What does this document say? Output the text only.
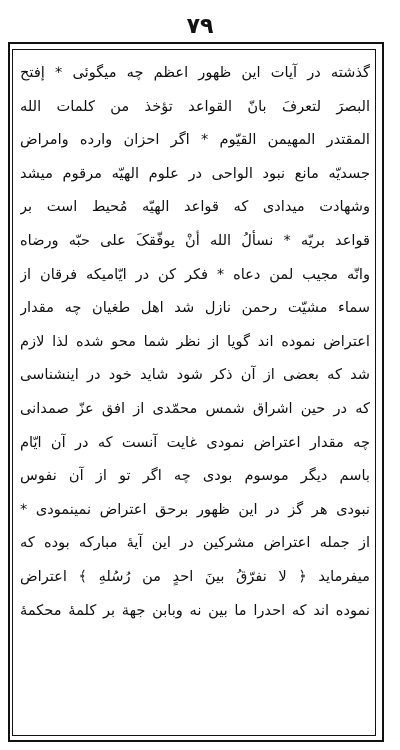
٧٩
گذشته در آیات این ظهور اعظم چه میگوئی * إفتح
البصرَ لتعرفَ بانّ القواعد تؤخذ من کلمات الله
المقتدر المهیمن القیّوم * اگر احزان وارده وامراض
جسدیّه مانع نبود الواحی در علوم الهیّه مرقوم میشد
وشهادت میدادی که قواعد الهیّه مُحیط است بر
قواعد بریّه * نسألُ الله أنْ یوفّقکَ علی حبّه ورضاه
وانّه مجیب لمن دعاه * فکر کن در ایّامیکه فرقان از
سماء مشیّت رحمن نازل شد اهل طغیان چه مقدار
اعتراض نموده اند گویا از نظر شما محو شده لذا لازم
شد که بعضی از آن ذکر شود شاید خود در اینشناسی
که در حین اشراق شمس محمّدی از افق عزّ صمدانی
چه مقدار اعتراض نمودی غایت آنست که در آن ایّام
باسم دیگر موسوم بودی چه اگر تو از آن نفوس
نبودی هر گز در این ظهور برحق اعتراض نمینمودی *
از جمله اعتراض مشرکین در این آیهٔ مبارکه بوده که
میفرماید ﴿ لا نفرّقُ بینَ احدٍ من رُسُلهِ ﴾ اعتراض
نموده اند که احدرا ما بین نه وبابن جهة بر کلمهٔ محکمهٔ
